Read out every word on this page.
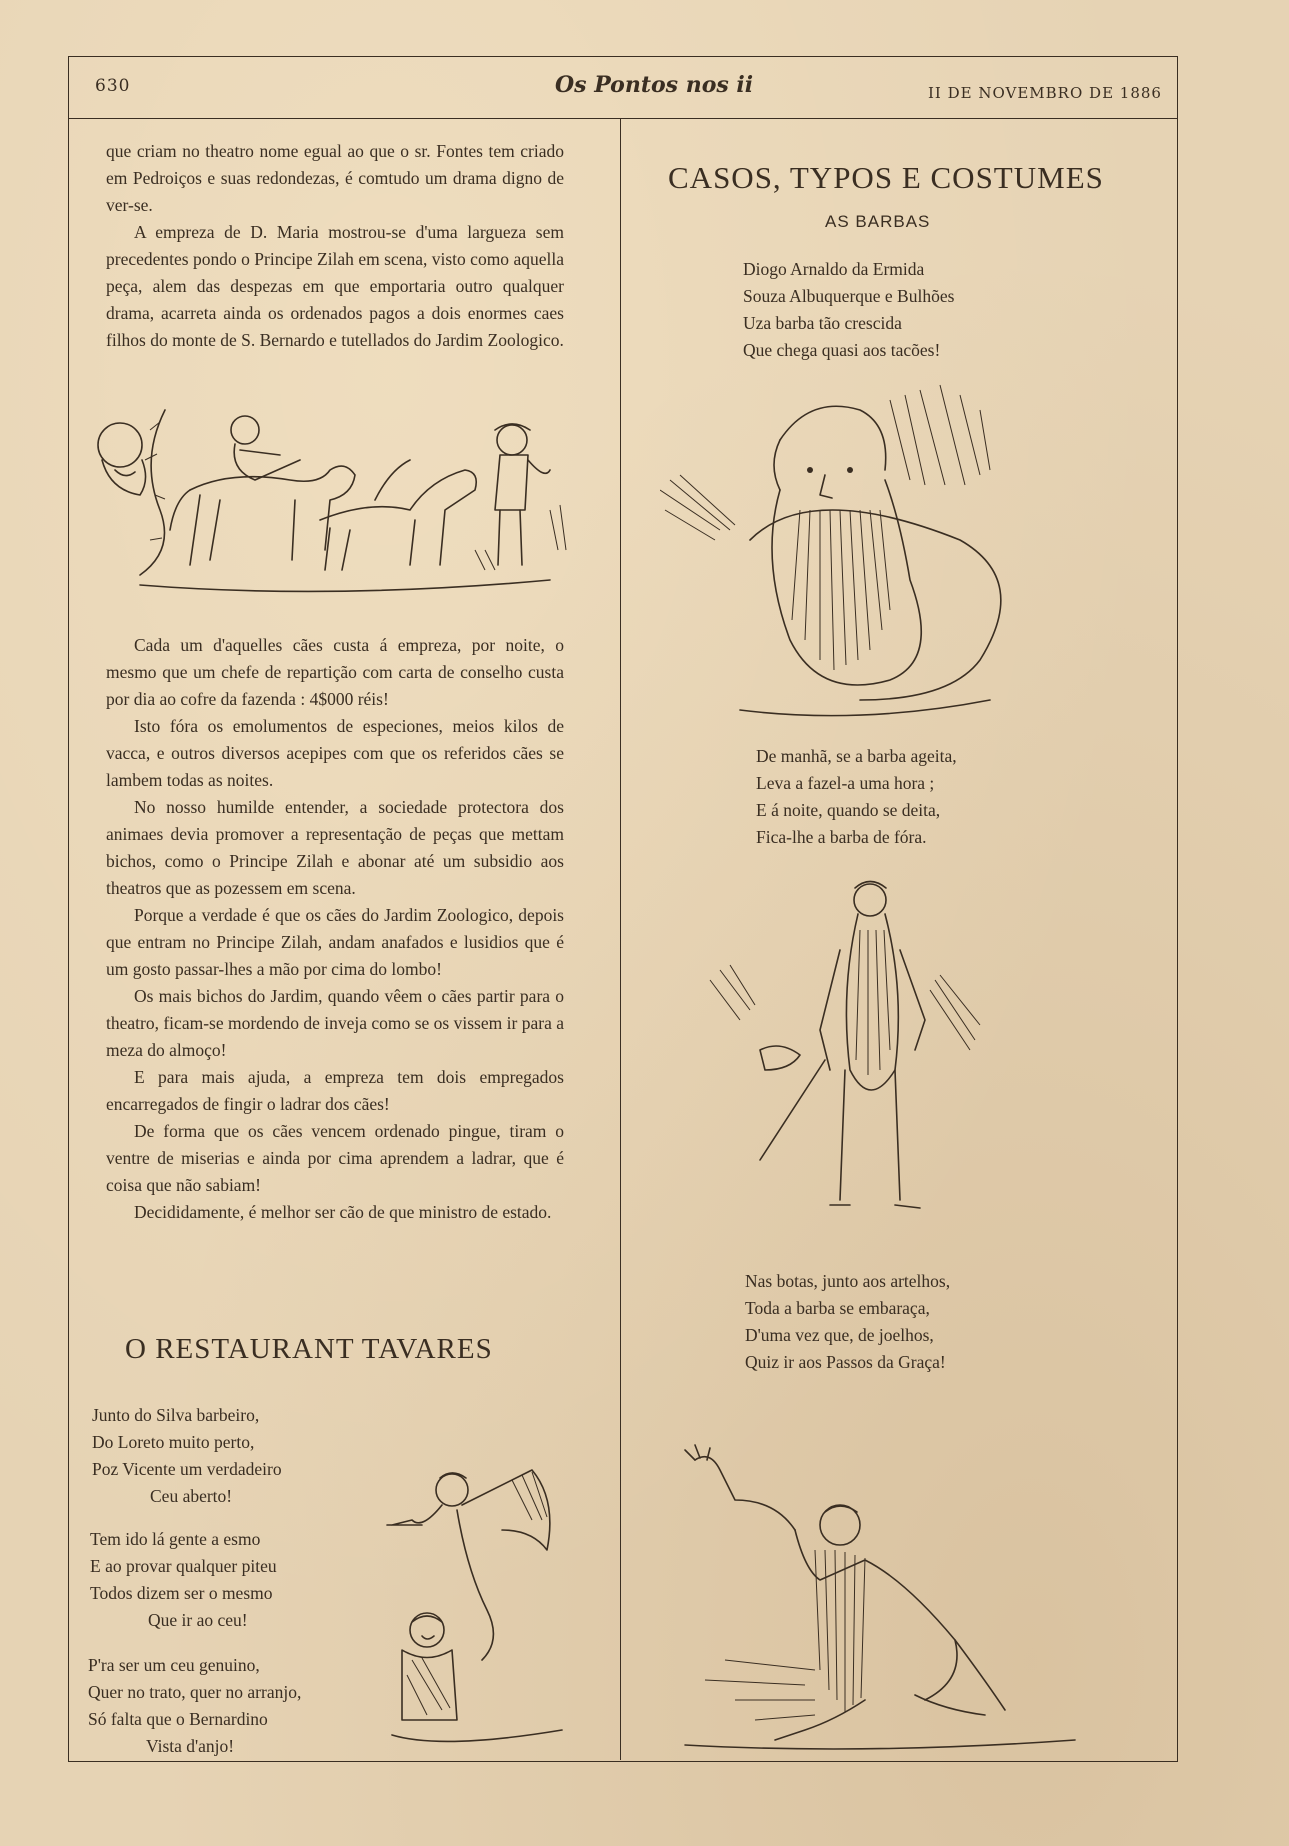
630	Os Pontos nos ii	II DE NOVEMBRO DE 1886

que criam no theatro nome egual ao que o sr. Fontes tem criado em Pedroiços e suas redondezas, é comtudo um drama digno de ver-se.

A empreza de D. Maria mostrou-se d'uma largueza sem precedentes pondo o Principe Zilah em scena, visto como aquella peça, alem das despezas em que emportaria outro qualquer drama, acarreta ainda os ordenados pagos a dois enormes caes filhos do monte de S. Bernardo e tutellados do Jardim Zoologico.

Cada um d'aquelles cães custa á empreza, por noite, o mesmo que um chefe de repartição com carta de conselho custa por dia ao cofre da fazenda : 4$000 réis!

Isto fóra os emolumentos de especiones, meios kilos de vacca, e outros diversos acepipes com que os referidos cães se lambem todas as noites.

No nosso humilde entender, a sociedade protectora dos animaes devia promover a representação de peças que mettam bichos, como o Principe Zilah e abonar até um subsidio aos theatros que as pozessem em scena.

Porque a verdade é que os cães do Jardim Zoologico, depois que entram no Principe Zilah, andam anafados e lusidios que é um gosto passar-lhes a mão por cima do lombo!

Os mais bichos do Jardim, quando vêem o cães partir para o theatro, ficam-se mordendo de inveja como se os vissem ir para a meza do almoço!

E para mais ajuda, a empreza tem dois empregados encarregados de fingir o ladrar dos cães!

De forma que os cães vencem ordenado pingue, tiram o ventre de miserias e ainda por cima aprendem a ladrar, que é coisa que não sabiam!

Decididamente, é melhor ser cão de que ministro de estado.

O RESTAURANT TAVARES
Junto do Silva barbeiro,
Do Loreto muito perto,
Poz Vicente um verdadeiro
Ceu aberto!
Tem ido lá gente a esmo
E ao provar qualquer piteu
Todos dizem ser o mesmo
Que ir ao ceu!
P'ra ser um ceu genuino,
Quer no trato, quer no arranjo,
Só falta que o Bernardino
Vista d'anjo!
CASOS, TYPOS E COSTUMES
AS BARBAS
Diogo Arnaldo da Ermida
Souza Albuquerque e Bulhões
Uza barba tão crescida
Que chega quasi aos tacões!
De manhã, se a barba ageita,
Leva a fazel-a uma hora ;
E á noite, quando se deita,
Fica-lhe a barba de fóra.
Nas botas, junto aos artelhos,
Toda a barba se embaraça,
D'uma vez que, de joelhos,
Quiz ir aos Passos da Graça!
